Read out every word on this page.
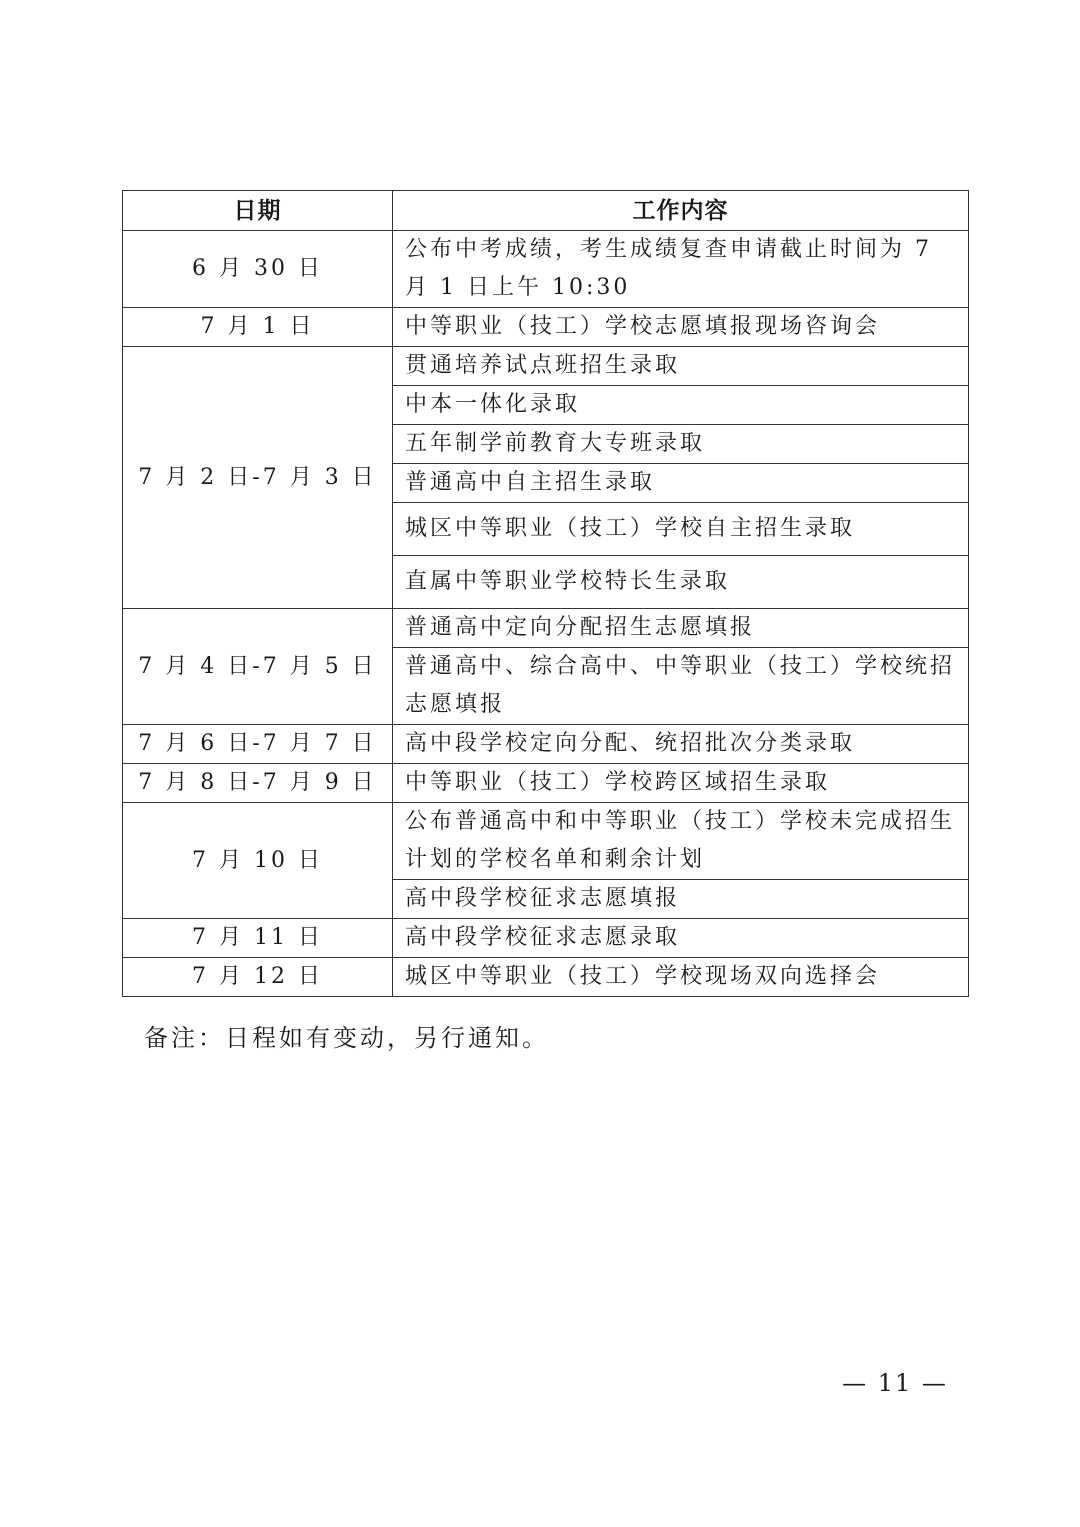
日期	工作内容
6 月 30 日	公布中考成绩，考生成绩复查申请截止时间为 7 月 1 日上午 10:30
7 月 1 日	中等职业（技工）学校志愿填报现场咨询会
7 月 2 日-7 月 3 日	贯通培养试点班招生录取
	中本一体化录取
	五年制学前教育大专班录取
	普通高中自主招生录取
	城区中等职业（技工）学校自主招生录取
	直属中等职业学校特长生录取
7 月 4 日-7 月 5 日	普通高中定向分配招生志愿填报
	普通高中、综合高中、中等职业（技工）学校统招志愿填报
7 月 6 日-7 月 7 日	高中段学校定向分配、统招批次分类录取
7 月 8 日-7 月 9 日	中等职业（技工）学校跨区域招生录取
7 月 10 日	公布普通高中和中等职业（技工）学校未完成招生计划的学校名单和剩余计划
	高中段学校征求志愿填报
7 月 11 日	高中段学校征求志愿录取
7 月 12 日	城区中等职业（技工）学校现场双向选择会

备注：日程如有变动，另行通知。

— 11 —
